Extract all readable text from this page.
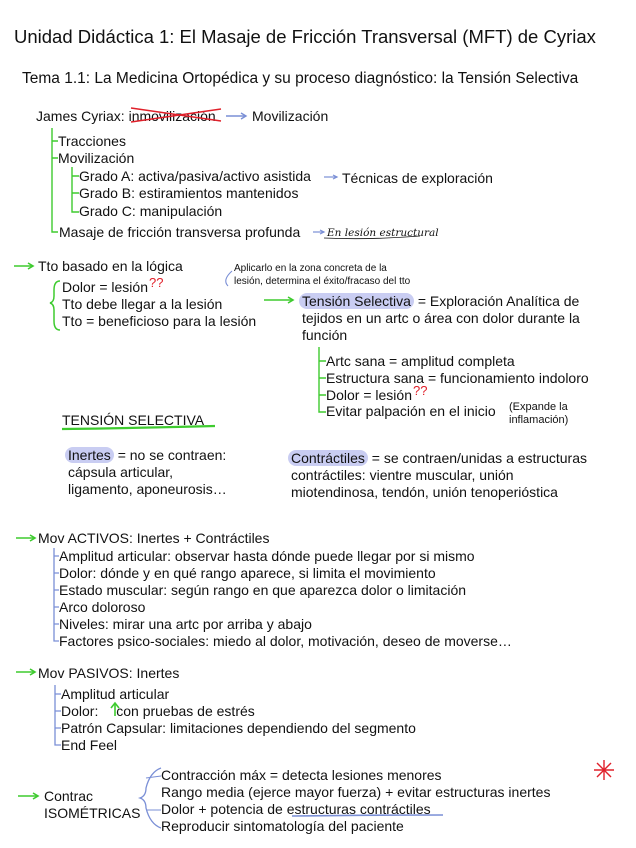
Unidad Didáctica 1: El Masaje de Fricción Transversal (MFT) de Cyriax
Tema 1.1: La Medicina Ortopédica y su proceso diagnóstico: la Tensión Selectiva
James Cyriax: inmovilización	Movilización
Tracciones
Movilización
Grado A: activa/pasiva/activo asistida
Grado B: estiramientos mantenidos
Grado C: manipulación
Técnicas de exploración
Masaje de fricción transversa profunda	En lesión estructural
Tto basado en la lógica	Aplicarlo en la zona concreta de la
lesión, determina el éxito/fracaso del tto
Dolor = lesión??
Tto debe llegar a la lesión
Tto = beneficioso para la lesión
Tensión Selectiva = Exploración Analítica de
tejidos en un artc o área con dolor durante la
función
Artc sana = amplitud completa
Estructura sana = funcionamiento indoloro
Dolor = lesión??
Evitar palpación en el inicio (Expande la
inflamación)
TENSIÓN SELECTIVA
Inertes = no se contraen:
cápsula articular,
ligamento, aponeurosis…
Contráctiles = se contraen/unidas a estructuras
contráctiles: vientre muscular, unión
miotendinosa, tendón, unión tenoperióstica
Mov ACTIVOS: Inertes + Contráctiles
Amplitud articular: observar hasta dónde puede llegar por si mismo
Dolor: dónde y en qué rango aparece, si limita el movimiento
Estado muscular: según rango en que aparezca dolor o limitación
Arco doloroso
Niveles: mirar una artc por arriba y abajo
Factores psico-sociales: miedo al dolor, motivación, deseo de moverse…
Mov PASIVOS: Inertes
Amplitud articular
Dolor: con pruebas de estrés
Patrón Capsular: limitaciones dependiendo del segmento
End Feel
Contrac
ISOMÉTRICAS
Contracción máx = detecta lesiones menores
Rango media (ejerce mayor fuerza) + evitar estructuras inertes
Dolor + potencia de estructuras contráctiles
Reproducir sintomatología del paciente
